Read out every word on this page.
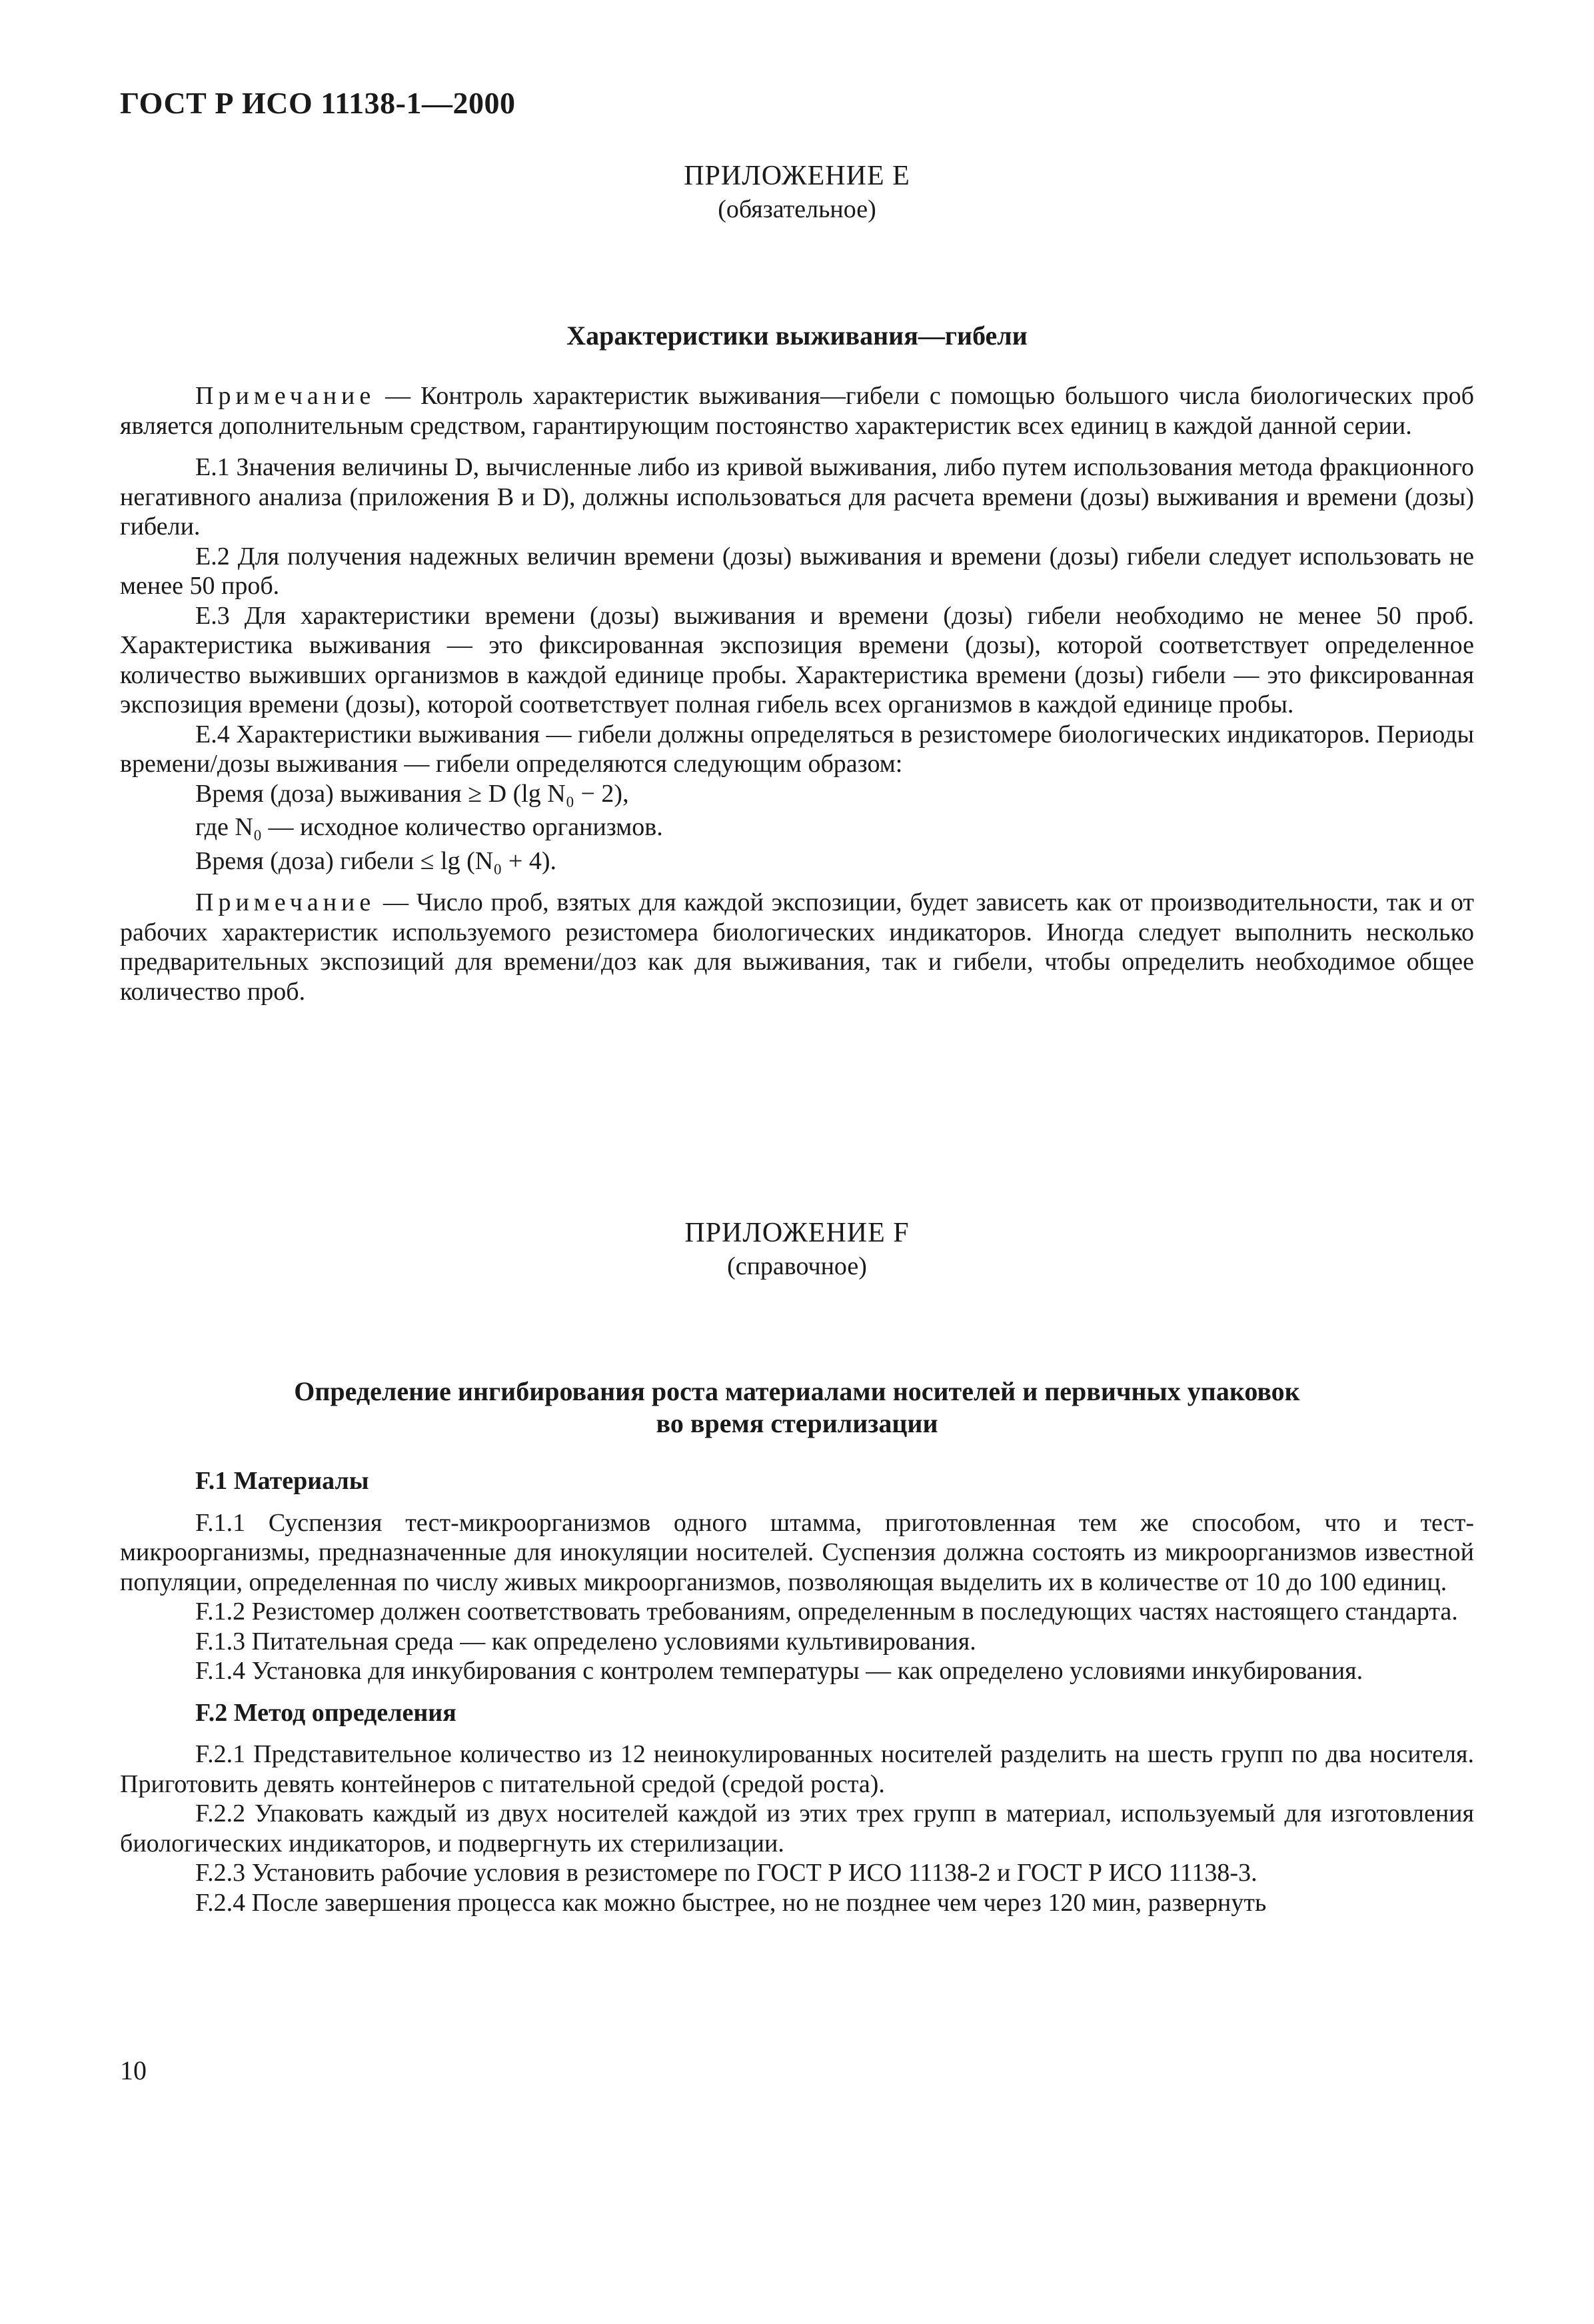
ГОСТ Р ИСО 11138-1—2000
ПРИЛОЖЕНИЕ E
(обязательное)
Характеристики выживания—гибели

Примечание — Контроль характеристик выживания—гибели с помощью большого числа биологических проб является дополнительным средством, гарантирующим постоянство характеристик всех единиц в каждой данной серии.

Е.1 Значения величины D, вычисленные либо из кривой выживания, либо путем использования метода фракционного негативного анализа (приложения B и D), должны использоваться для расчета времени (дозы) выживания и времени (дозы) гибели.

Е.2 Для получения надежных величин времени (дозы) выживания и времени (дозы) гибели следует использовать не менее 50 проб.

Е.3 Для характеристики времени (дозы) выживания и времени (дозы) гибели необходимо не менее 50 проб. Характеристика выживания — это фиксированная экспозиция времени (дозы), которой соответствует определенное количество выживших организмов в каждой единице пробы. Характеристика времени (дозы) гибели — это фиксированная экспозиция времени (дозы), которой соответствует полная гибель всех организмов в каждой единице пробы.

Е.4 Характеристики выживания — гибели должны определяться в резистомере биологических индикаторов. Периоды времени/дозы выживания — гибели определяются следующим образом:

Время (доза) выживания ≥ D (lg N₀ − 2),

где N₀ — исходное количество организмов.

Время (доза) гибели ≤ lg (N₀ + 4).

Примечание — Число проб, взятых для каждой экспозиции, будет зависеть как от производительности, так и от рабочих характеристик используемого резистомера биологических индикаторов. Иногда следует выполнить несколько предварительных экспозиций для времени/доз как для выживания, так и гибели, чтобы определить необходимое общее количество проб.

ПРИЛОЖЕНИЕ F
(справочное)
Определение ингибирования роста материалами носителей и первичных упаковок
во время стерилизации

F.1 Материалы

F.1.1 Суспензия тест-микроорганизмов одного штамма, приготовленная тем же способом, что и тест-микроорганизмы, предназначенные для инокуляции носителей. Суспензия должна состоять из микроорганизмов известной популяции, определенная по числу живых микроорганизмов, позволяющая выделить их в количестве от 10 до 100 единиц.

F.1.2 Резистомер должен соответствовать требованиям, определенным в последующих частях настоящего стандарта.

F.1.3 Питательная среда — как определено условиями культивирования.

F.1.4 Установка для инкубирования с контролем температуры — как определено условиями инкубирования.

F.2 Метод определения

F.2.1 Представительное количество из 12 неинокулированных носителей разделить на шесть групп по два носителя. Приготовить девять контейнеров с питательной средой (средой роста).

F.2.2 Упаковать каждый из двух носителей каждой из этих трех групп в материал, используемый для изготовления биологических индикаторов, и подвергнуть их стерилизации.

F.2.3 Установить рабочие условия в резистомере по ГОСТ Р ИСО 11138-2 и ГОСТ Р ИСО 11138-3.

F.2.4 После завершения процесса как можно быстрее, но не позднее чем через 120 мин, развернуть

10
